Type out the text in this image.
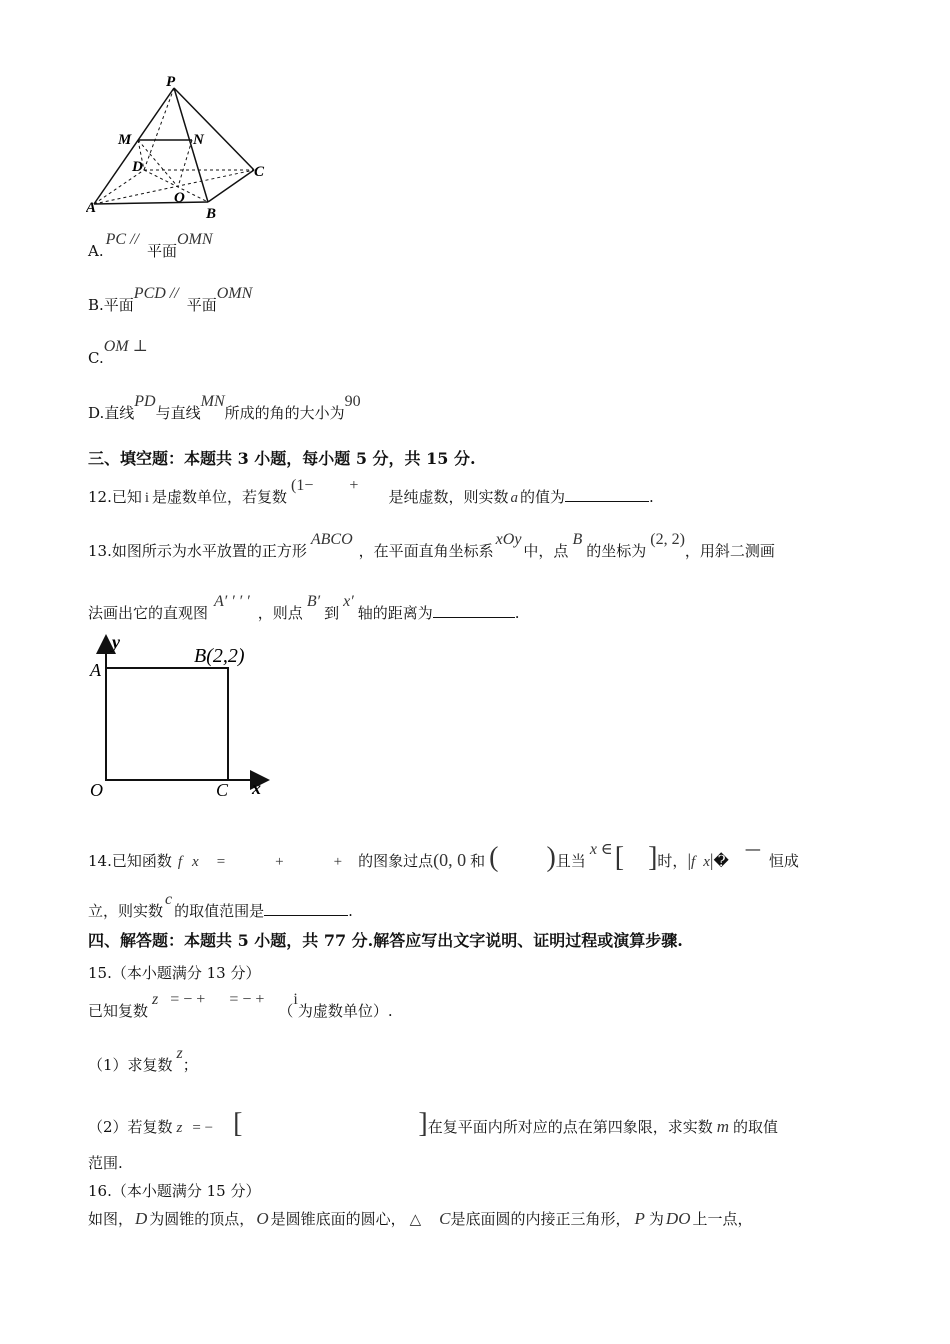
P
M	N
D	C
O
A	B
A.PC //平面OMN
B.平面PCD //平面OMN
C.OM ⊥
D.直线PD与直线MN所成的角的大小为90
三、填空题：本题共 3 小题，每小题 5 分，共 15 分.
12.已知 i 是虚数单位，若复数(1− +是纯虚数，则实数 a 的值为	.
13.如图所示为水平放置的正方形ABCO，在平面直角坐标系xOy中，点B的坐标为(2, 2)，用斜二测画
法画出它的直观图A′ ′ ′ ′，则点B′到x′轴的距离为	.
y
A
B(2,2)
O	C x
14.已知函数 f x =	+	+ 的图象过点(0, 0 和 ( )且当x ∈[ ]时，|f x|�—恒成
立，则实数c的取值范围是	.
四、解答题：本题共 5 小题，共 77 分.解答应写出文字说明、证明过程或演算步骤.
15.（本小题满分 13 分）
已知复数z = − + = − +（i为虚数单位）.
（1）求复数z；
（2）若复数 z = − [	]在复平面内所对应的点在第四象限，求实数 m 的取值
范围.
16.（本小题满分 15 分）
如图， D 为圆锥的顶点， O 是圆锥底面的圆心， △ C是底面圆的内接正三角形， P 为 DO 上一点，
